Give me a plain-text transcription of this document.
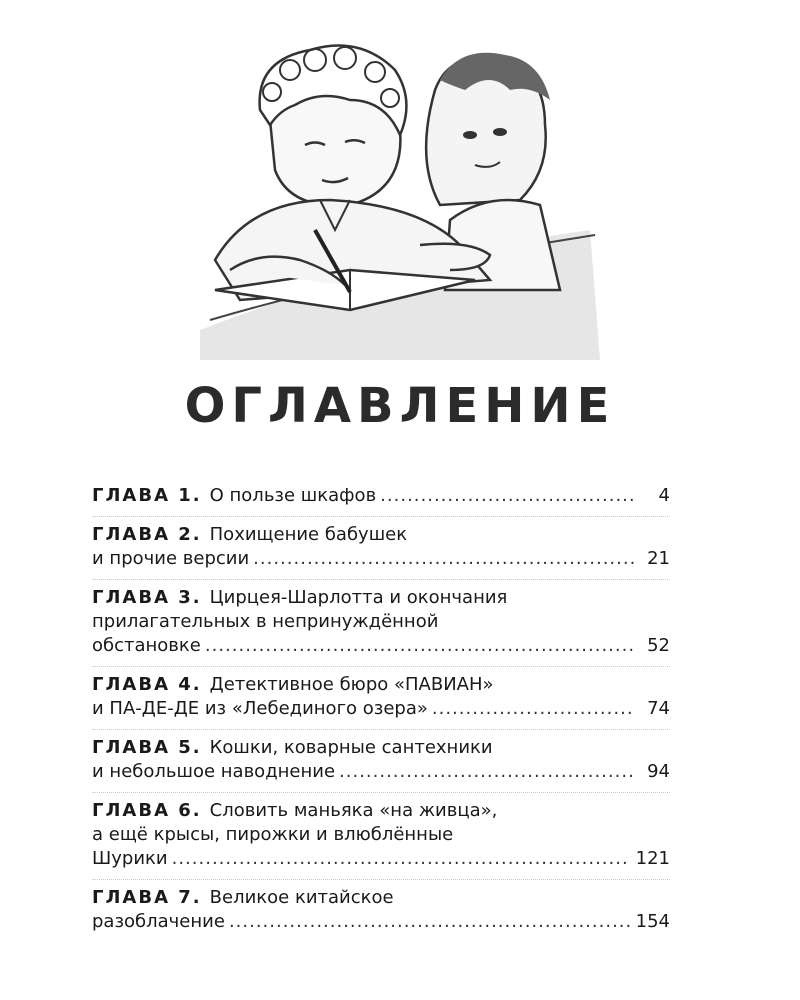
ОГЛАВЛЕНИЕ
ГЛАВА 1. О пользе шкафов .....	4
ГЛАВА 2. Похищение бабушек
и прочие версии .....	21
ГЛАВА 3. Цирцея-Шарлотта и окончания
прилагательных в непринуждённой
обстановке .....	52
ГЛАВА 4. Детективное бюро «ПАВИАН»
и ПА-ДЕ-ДЕ из «Лебединого озера» .....	74
ГЛАВА 5. Кошки, коварные сантехники
и небольшое наводнение .....	94
ГЛАВА 6. Словить маньяка «на живца»,
а ещё крысы, пирожки и влюблённые
Шурики .....	121
ГЛАВА 7. Великое китайское
разоблачение .....	154
